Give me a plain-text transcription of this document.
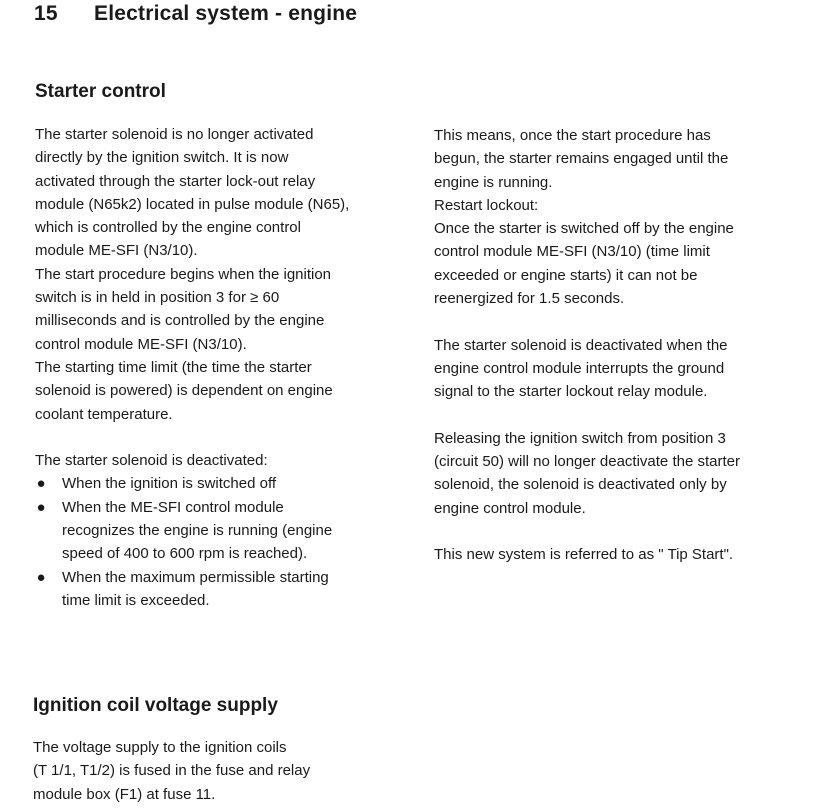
15 Electrical system - engine
Starter control

The starter solenoid is no longer activated

directly by the ignition switch. It is now

activated through the starter lock-out relay

module (N65k2) located in pulse module (N65),

which is controlled by the engine control

module ME-SFI (N3/10).

The start procedure begins when the ignition

switch is in held in position 3 for ≥ 60

milliseconds and is controlled by the engine

control module ME-SFI (N3/10).

The starting time limit (the time the starter

solenoid is powered) is dependent on engine

coolant temperature.

The starter solenoid is deactivated:

● When the ignition is switched off
● When the ME-SFI control module
recognizes the engine is running (engine
speed of 400 to 600 rpm is reached).
● When the maximum permissible starting
time limit is exceeded.

This means, once the start procedure has

begun, the starter remains engaged until the

engine is running.

Restart lockout:

Once the starter is switched off by the engine

control module ME-SFI (N3/10) (time limit

exceeded or engine starts) it can not be

reenergized for 1.5 seconds.

The starter solenoid is deactivated when the

engine control module interrupts the ground

signal to the starter lockout relay module.

Releasing the ignition switch from position 3

(circuit 50) will no longer deactivate the starter

solenoid, the solenoid is deactivated only by

engine control module.

This new system is referred to as " Tip Start".

Ignition coil voltage supply

The voltage supply to the ignition coils

(T 1/1, T1/2) is fused in the fuse and relay

module box (F1) at fuse 11.
